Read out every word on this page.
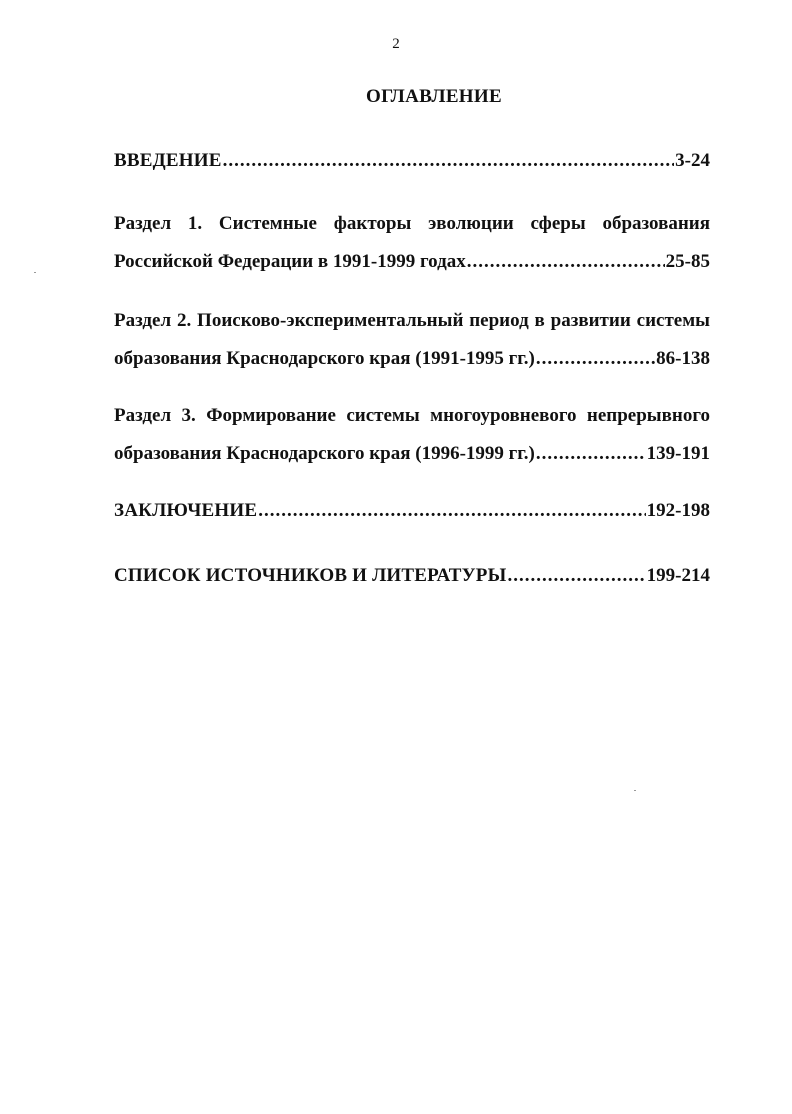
2
ОГЛАВЛЕНИЕ
ВВЕДЕНИЕ .....	3-24
Раздел 1. Системные факторы эволюции сферы образования
Российской Федерации в 1991-1999 годах .....	25-85
Раздел 2. Поисково-экспериментальный период в развитии системы
образования Краснодарского края (1991-1995 гг.) .....	86-138
Раздел 3. Формирование системы многоуровневого непрерывного
образования Краснодарского края (1996-1999 гг.) .....	139-191
ЗАКЛЮЧЕНИЕ .....	192-198
СПИСОК ИСТОЧНИКОВ И ЛИТЕРАТУРЫ .....	199-214
